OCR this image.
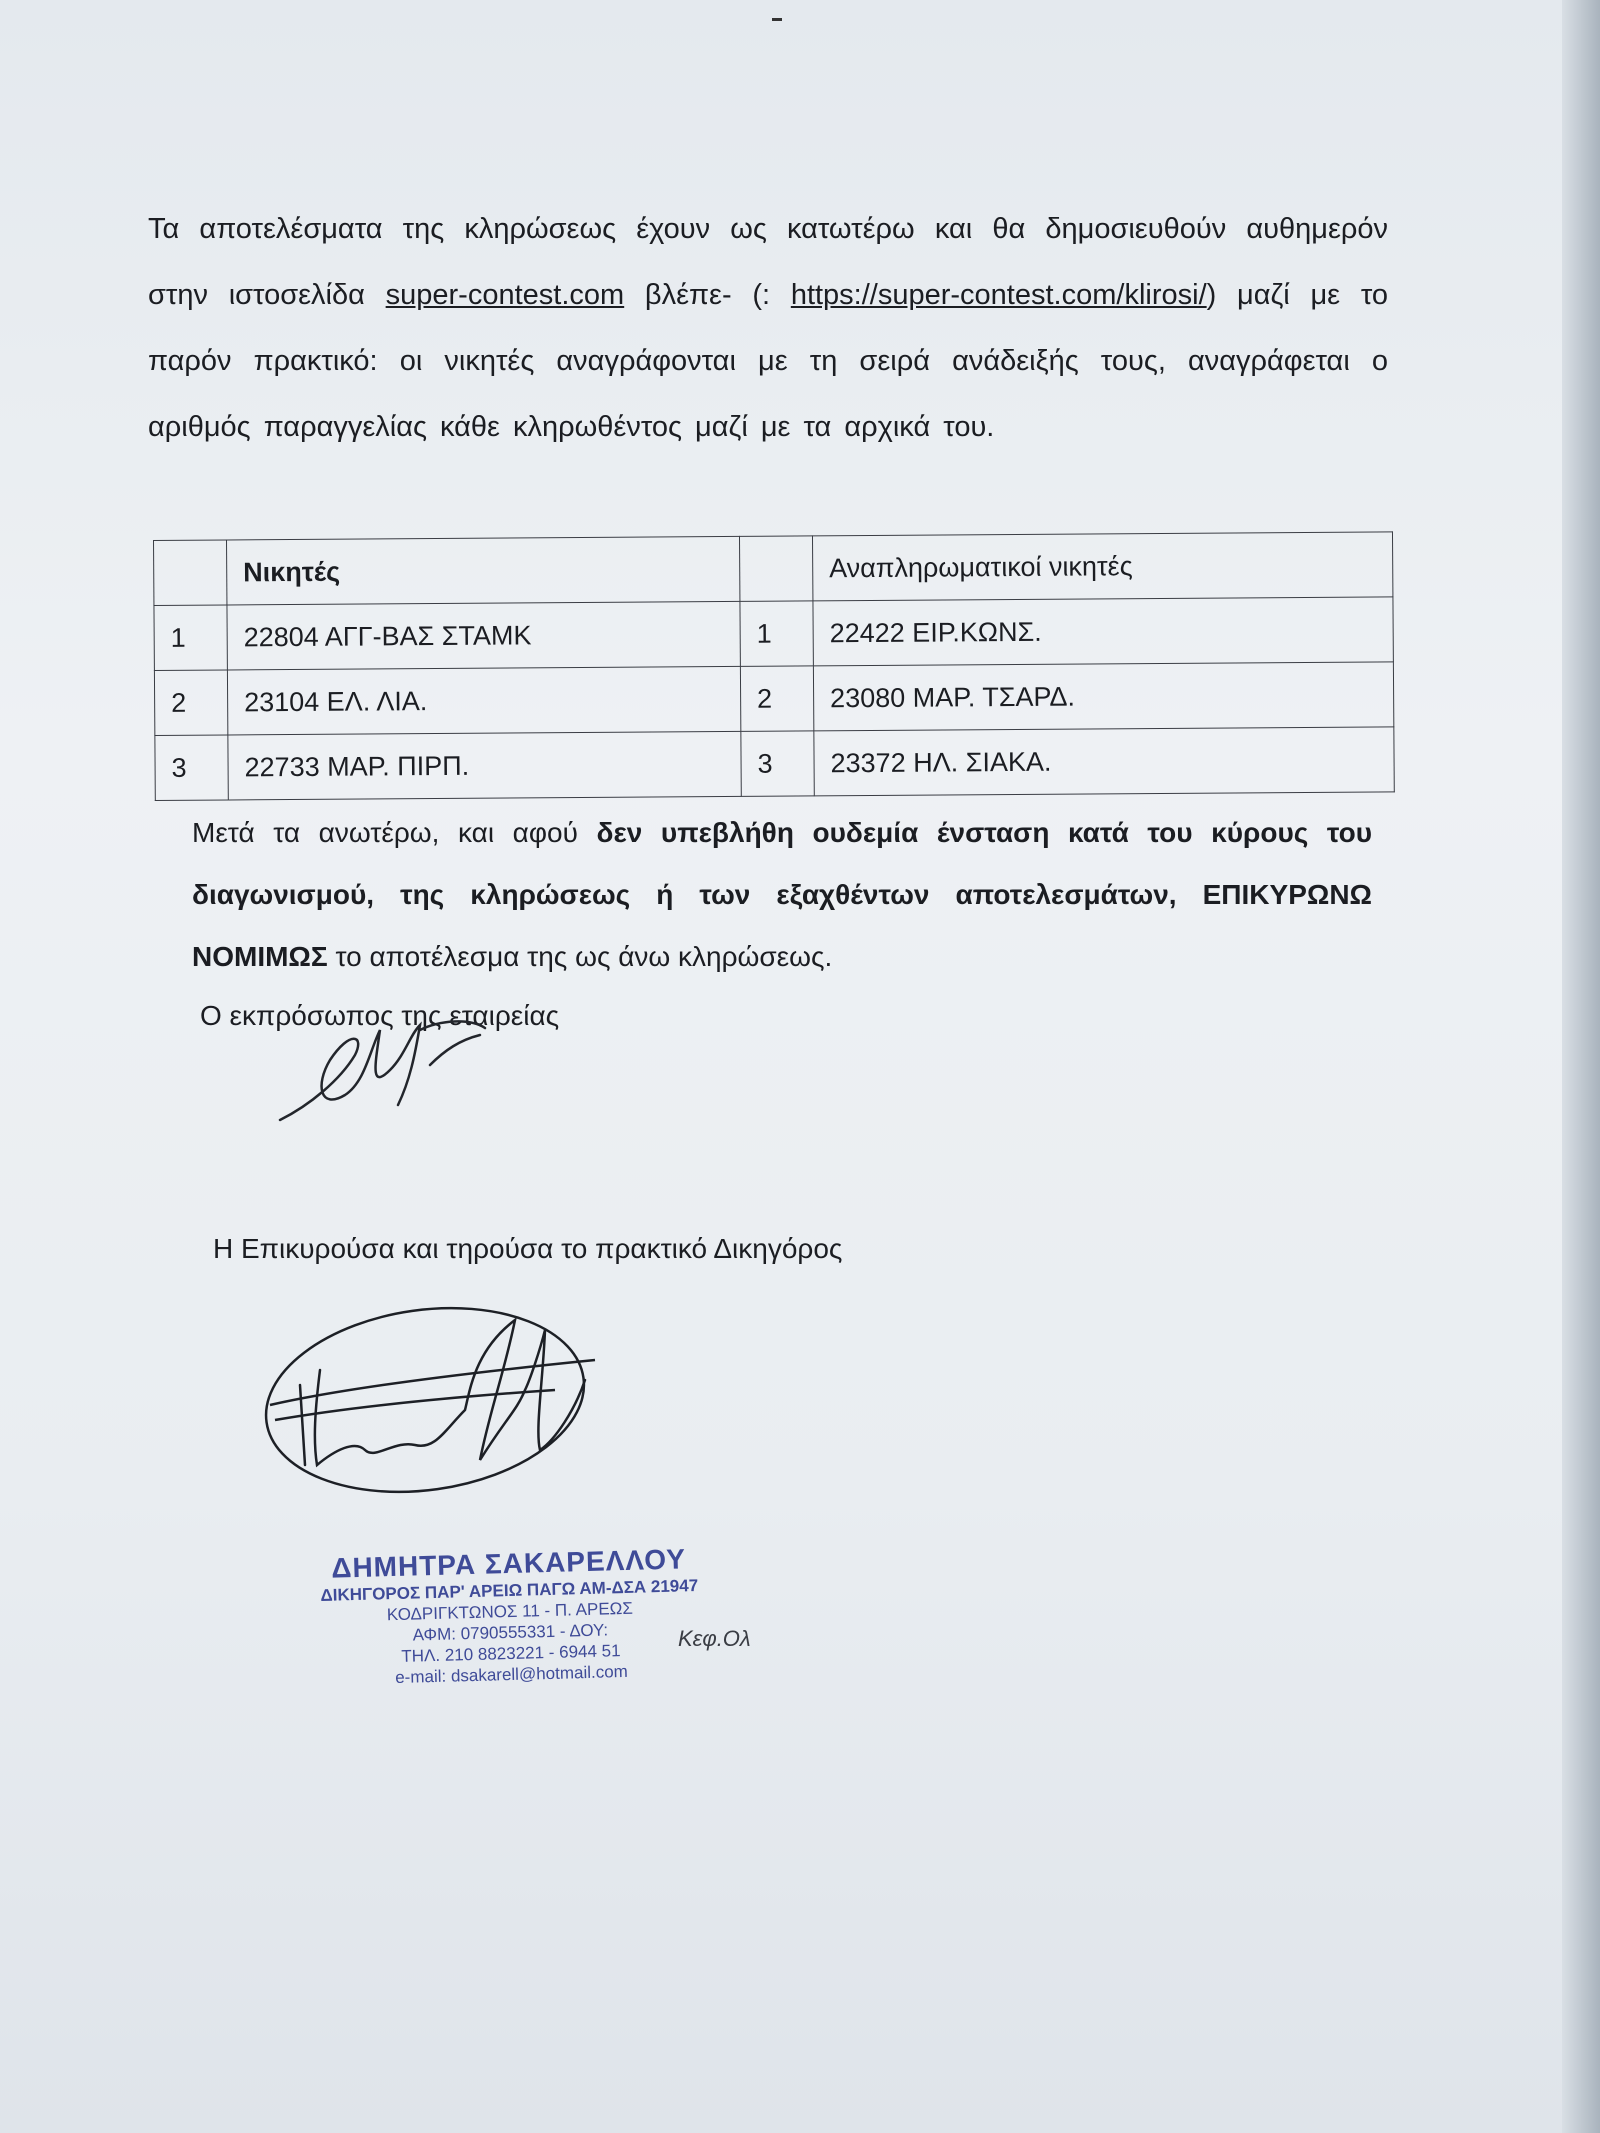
Τα αποτελέσματα της κληρώσεως έχουν ως κατωτέρω και θα δημοσιευθούν αυθημερόν στην ιστοσελίδα super-contest.com βλέπε- (: https://super-contest.com/klirosi/) μαζί με το παρόν πρακτικό: οι νικητές αναγράφονται με τη σειρά ανάδειξής τους, αναγράφεται ο αριθμός παραγγελίας κάθε κληρωθέντος μαζί με τα αρχικά του.
	Νικητές		Αναπληρωματικοί νικητές
1	22804 ΑΓΓ-ΒΑΣ ΣΤΑΜΚ	1	22422 ΕΙΡ.ΚΩΝΣ.
2	23104 ΕΛ. ΛΙΑ.	2	23080 ΜΑΡ. ΤΣΑΡΔ.
3	22733 ΜΑΡ. ΠΙΡΠ.	3	23372 ΗΛ. ΣΙΑΚΑ.
Μετά τα ανωτέρω, και αφού δεν υπεβλήθη ουδεμία ένσταση κατά του κύρους του διαγωνισμού, της κληρώσεως ή των εξαχθέντων αποτελεσμάτων, ΕΠΙΚΥΡΩΝΩ ΝΟΜΙΜΩΣ το αποτέλεσμα της ως άνω κληρώσεως.
Ο εκπρόσωπος της εταιρείας
Η Επικυρούσα και τηρούσα το πρακτικό Δικηγόρος
ΔΗΜΗΤΡΑ ΣΑΚΑΡΕΛΛΟΥ
ΔΙΚΗΓΟΡΟΣ ΠΑΡ' ΑΡΕΙΩ ΠΑΓΩ ΑΜ-ΔΣΑ 21947
ΚΟΔΡΙΓΚΤΩΝΟΣ 11 - Π. ΑΡΕΩΣ
ΑΦΜ: 0790555331 - ΔΟΥ:
ΤΗΛ. 210 8823221 - 6944 51
e-mail: dsakarell@hotmail.com
Κεφ.Ολ
